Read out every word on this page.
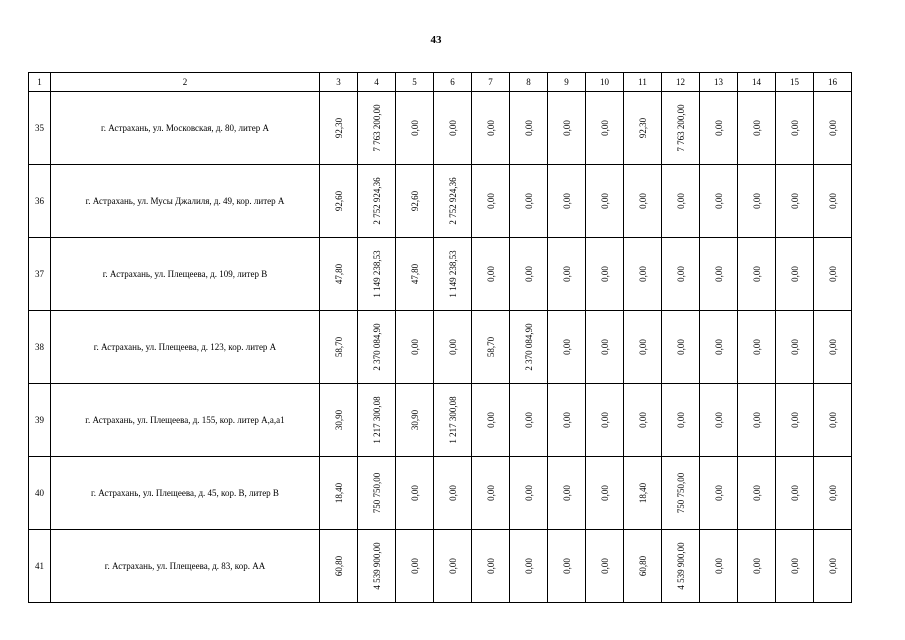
43
1	2	3	4	5	6	7	8	9	10	11	12	13	14	15	16
35	г. Астрахань, ул. Московская, д. 80, литер А	92,30	7 763 200,00	0,00	0,00	0,00	0,00	0,00	0,00	92,30	7 763 200,00	0,00	0,00	0,00	0,00

36	г. Астрахань, ул. Мусы Джалиля, д. 49, кор. литер А	92,60	2 752 924,36	92,60	2 752 924,36	0,00	0,00	0,00	0,00	0,00	0,00	0,00	0,00	0,00	0,00

37	г. Астрахань, ул. Плещеева, д. 109, литер В	47,80	1 149 238,53	47,80	1 149 238,53	0,00	0,00	0,00	0,00	0,00	0,00	0,00	0,00	0,00	0,00

38	г. Астрахань, ул. Плещеева, д. 123, кор. литер А	58,70	2 370 084,90	0,00	0,00	58,70	2 370 084,90	0,00	0,00	0,00	0,00	0,00	0,00	0,00	0,00

39	г. Астрахань, ул. Плещеева, д. 155, кор. литер А,а,а1	30,90	1 217 300,08	30,90	1 217 300,08	0,00	0,00	0,00	0,00	0,00	0,00	0,00	0,00	0,00	0,00

40	г. Астрахань, ул. Плещеева, д. 45, кор. В, литер В	18,40	750 750,00	0,00	0,00	0,00	0,00	0,00	0,00	18,40	750 750,00	0,00	0,00	0,00	0,00

41	г. Астрахань, ул. Плещеева, д. 83, кор. АА	60,80	4 539 900,00	0,00	0,00	0,00	0,00	0,00	0,00	60,80	4 539 900,00	0,00	0,00	0,00	0,00
